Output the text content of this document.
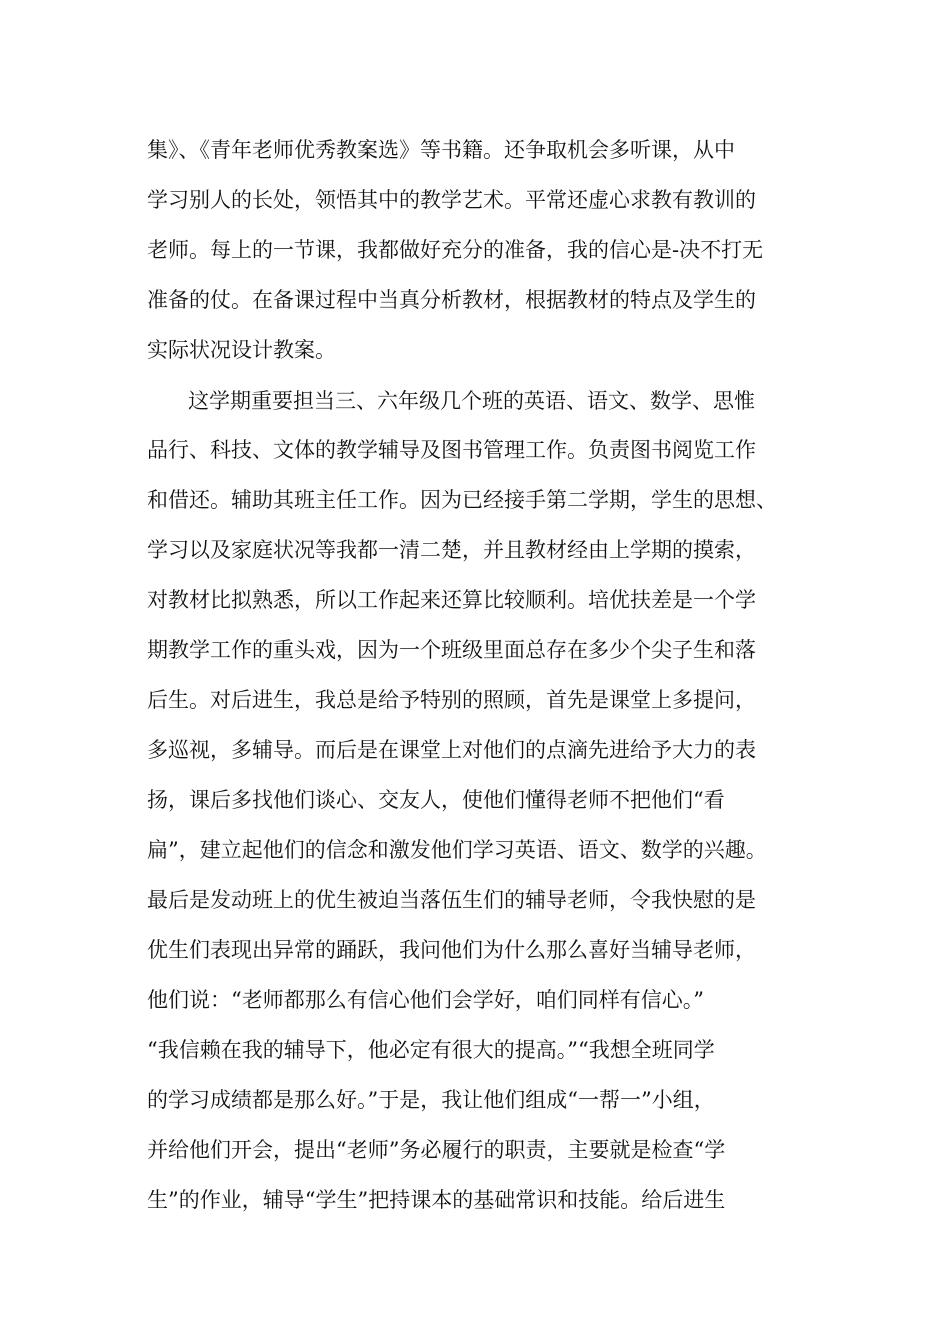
集》、《青年老师优秀教案选》等书籍。还争取机会多听课，从中
学习别人的长处，领悟其中的教学艺术。平常还虚心求教有教训的
老师。每上的一节课，我都做好充分的准备，我的信心是-决不打无
准备的仗。在备课过程中当真分析教材，根据教材的特点及学生的
实际状况设计教案。
这学期重要担当三、六年级几个班的英语、语文、数学、思惟
品行、科技、文体的教学辅导及图书管理工作。负责图书阅览工作
和借还。辅助其班主任工作。因为已经接手第二学期，学生的思想、
学习以及家庭状况等我都一清二楚，并且教材经由上学期的摸索，
对教材比拟熟悉，所以工作起来还算比较顺利。培优扶差是一个学
期教学工作的重头戏，因为一个班级里面总存在多少个尖子生和落
后生。对后进生，我总是给予特别的照顾，首先是课堂上多提问，
多巡视，多辅导。而后是在课堂上对他们的点滴先进给予大力的表
扬，课后多找他们谈心、交友人，使他们懂得老师不把他们“看
扁”，建立起他们的信念和激发他们学习英语、语文、数学的兴趣。
最后是发动班上的优生被迫当落伍生们的辅导老师，令我快慰的是
优生们表现出异常的踊跃，我问他们为什么那么喜好当辅导老师，
他们说：“老师都那么有信心他们会学好，咱们同样有信心。”
“我信赖在我的辅导下，他必定有很大的提高。”“我想全班同学
的学习成绩都是那么好。”于是，我让他们组成“一帮一”小组，
并给他们开会，提出“老师”务必履行的职责，主要就是检查“学
生”的作业，辅导“学生”把持课本的基础常识和技能。给后进生
